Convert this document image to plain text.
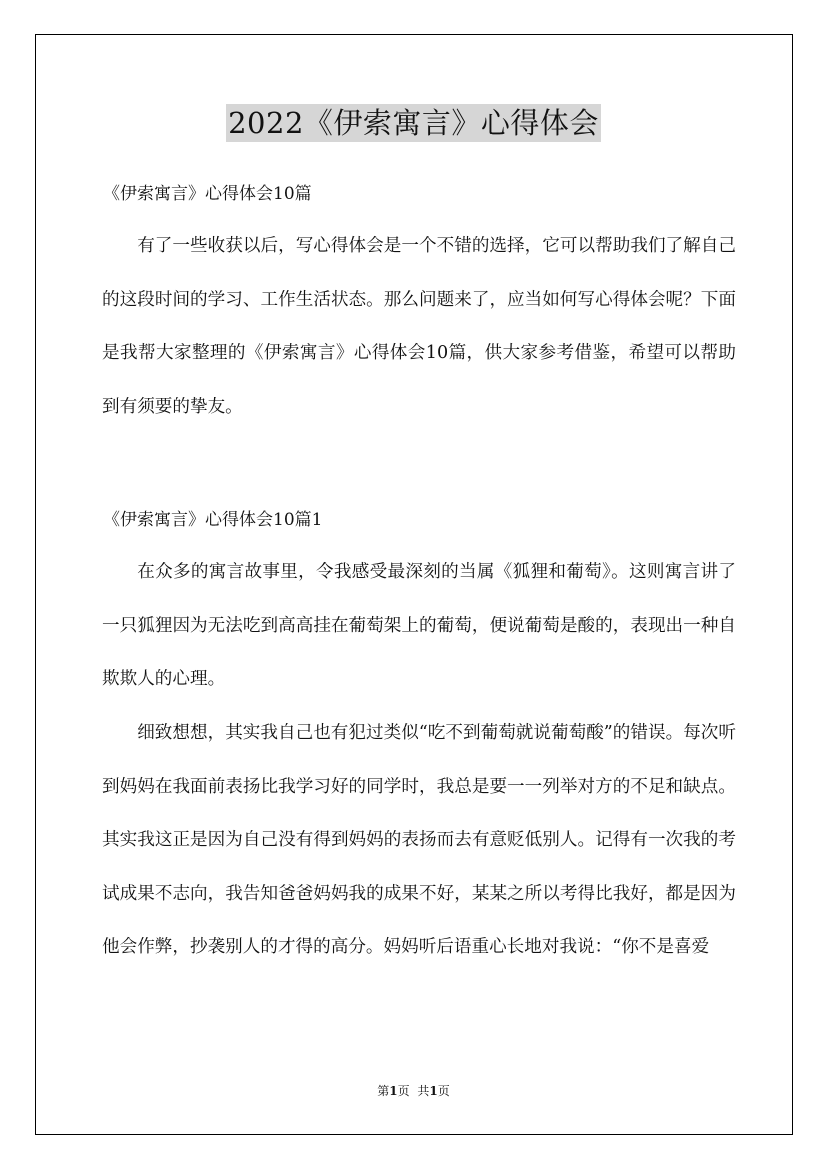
2022《伊索寓言》心得体会
《伊索寓言》心得体会10篇

有了一些收获以后，写心得体会是一个不错的选择，它可以帮助我们了解自己的这段时间的学习、工作生活状态。那么问题来了，应当如何写心得体会呢？下面是我帮大家整理的《伊索寓言》心得体会10篇，供大家参考借鉴，希望可以帮助到有须要的挚友。

《伊索寓言》心得体会10篇1

在众多的寓言故事里，令我感受最深刻的当属《狐狸和葡萄》。这则寓言讲了一只狐狸因为无法吃到高高挂在葡萄架上的葡萄，便说葡萄是酸的，表现出一种自欺欺人的心理。

细致想想，其实我自己也有犯过类似“吃不到葡萄就说葡萄酸”的错误。每次听到妈妈在我面前表扬比我学习好的同学时，我总是要一一列举对方的不足和缺点。其实我这正是因为自己没有得到妈妈的表扬而去有意贬低别人。记得有一次我的考试成果不志向，我告知爸爸妈妈我的成果不好，某某之所以考得比我好，都是因为他会作弊，抄袭别人的才得的高分。妈妈听后语重心长地对我说：“你不是喜爱

第1页 共1页
